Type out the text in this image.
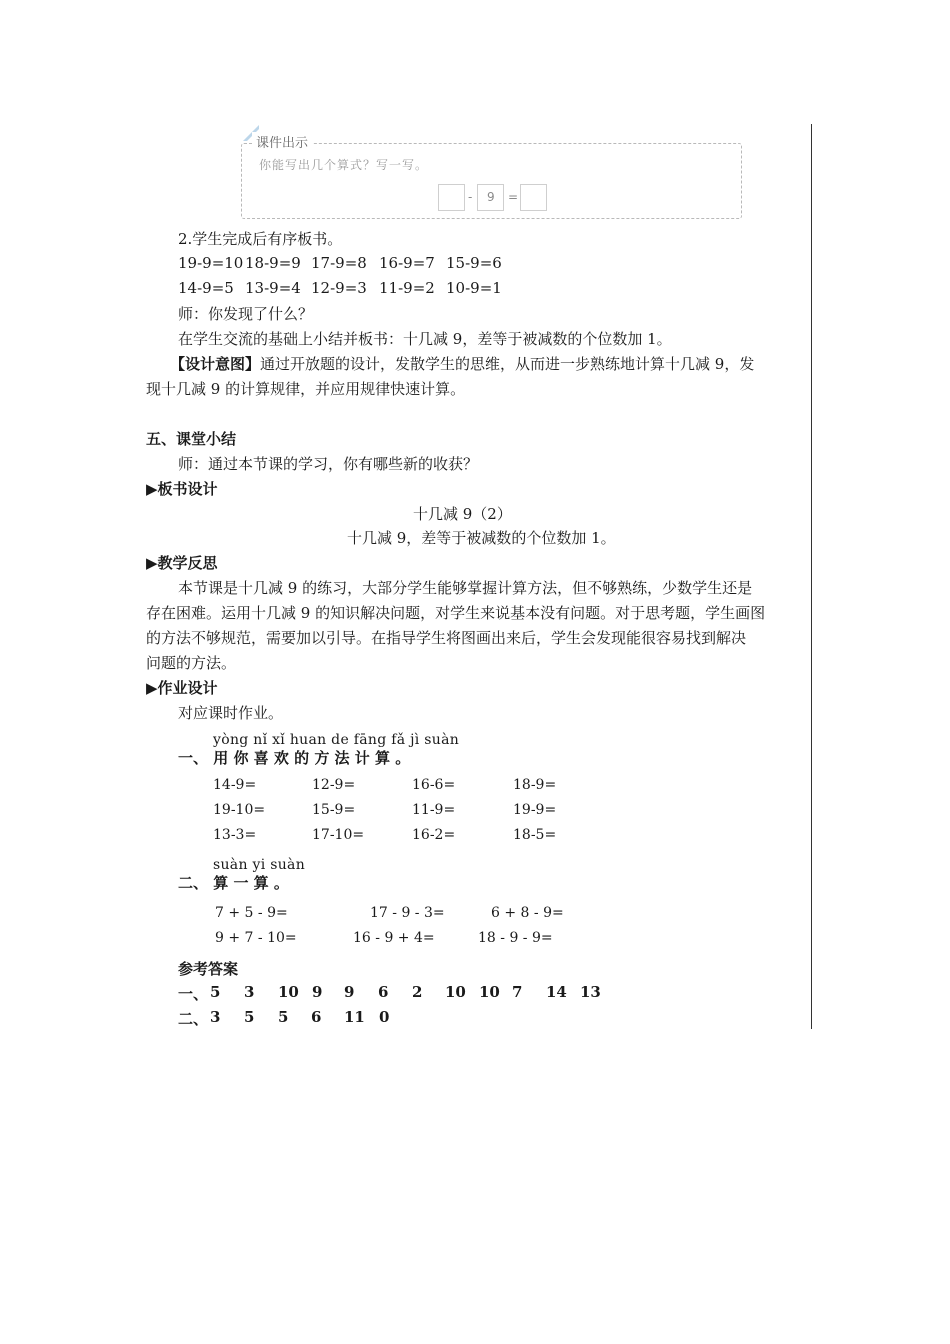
课件出示
你能写出几个算式？写一写。
- 9 =
2.学生完成后有序板书。
19-9=10 18-9=9 17-9=8 16-9=7 15-9=6
14-9=5 13-9=4 12-9=3 11-9=2 10-9=1
师：你发现了什么？
在学生交流的基础上小结并板书：十几减 9，差等于被减数的个位数加 1。
【设计意图】通过开放题的设计，发散学生的思维，从而进一步熟练地计算十几减 9，发
现十几减 9 的计算规律，并应用规律快速计算。
五、课堂小结
师：通过本节课的学习，你有哪些新的收获？
▶板书设计
十几减 9（2）
十几减 9，差等于被减数的个位数加 1。
▶教学反思
本节课是十几减 9 的练习，大部分学生能够掌握计算方法，但不够熟练，少数学生还是
存在困难。运用十几减 9 的知识解决问题，对学生来说基本没有问题。对于思考题，学生画图
的方法不够规范，需要加以引导。在指导学生将图画出来后，学生会发现能很容易找到解决
问题的方法。
▶作业设计
对应课时作业。
yòng nǐ xǐ huan de fāng fǎ jì suàn
一、 用 你 喜 欢 的 方 法 计 算 。
14-9=	12-9=	16-6=	18-9=
19-10=	15-9=	11-9=	19-9=
13-3=	17-10=	16-2=	18-5=
suàn yi suàn
二、 算 一 算 。
7 + 5 - 9=	17 - 9 - 3=	6 + 8 - 9=
9 + 7 - 10=	16 - 9 + 4=	18 - 9 - 9=
参考答案
一、 5 3 10 9 9 6 2 10 10 7 14 13
二、 3 5 5 6 11 0
